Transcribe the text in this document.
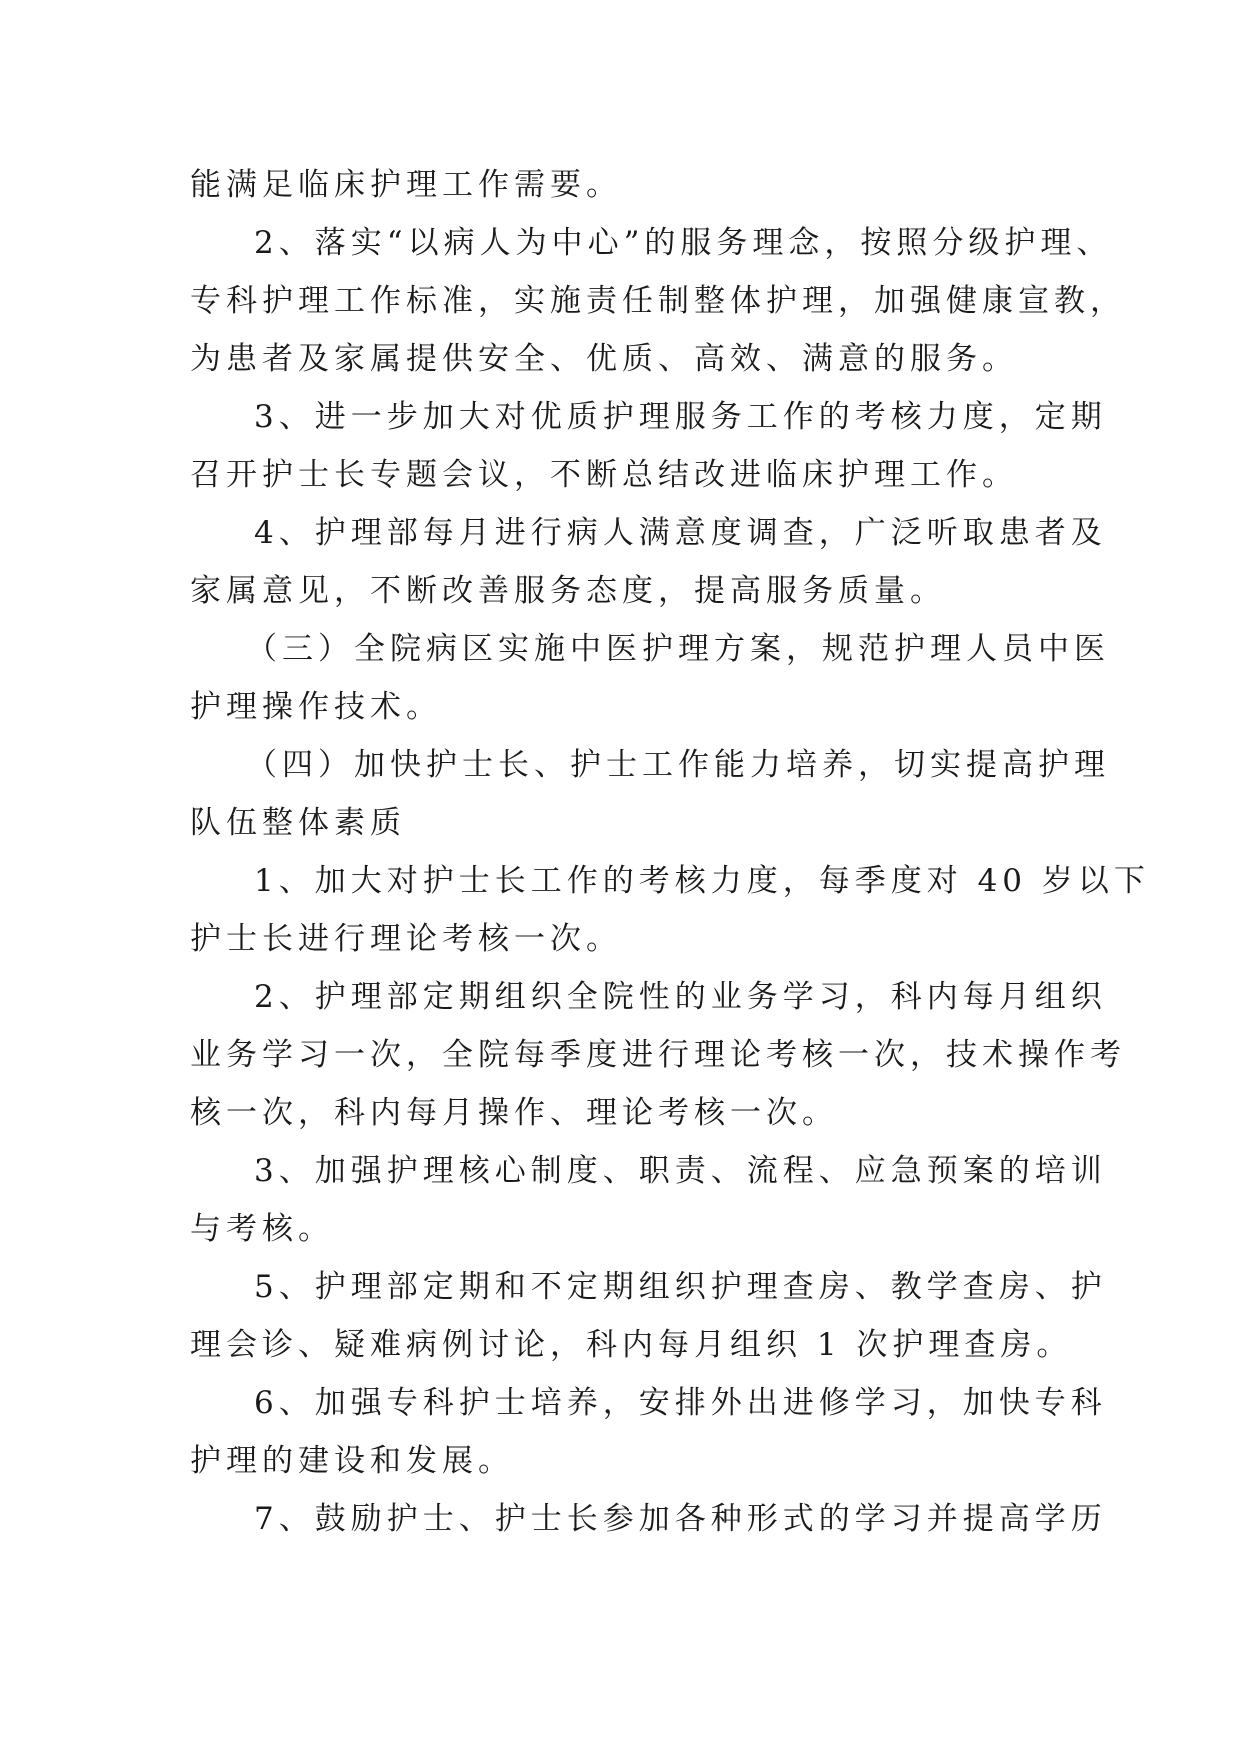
能满足临床护理工作需要。
2、落实“以病人为中心”的服务理念，按照分级护理、
专科护理工作标准，实施责任制整体护理，加强健康宣教，
为患者及家属提供安全、优质、高效、满意的服务。
3、进一步加大对优质护理服务工作的考核力度，定期
召开护士长专题会议，不断总结改进临床护理工作。
4、护理部每月进行病人满意度调查，广泛听取患者及
家属意见，不断改善服务态度，提高服务质量。
（三）全院病区实施中医护理方案，规范护理人员中医
护理操作技术。
（四）加快护士长、护士工作能力培养，切实提高护理
队伍整体素质
1、加大对护士长工作的考核力度，每季度对 40 岁以下
护士长进行理论考核一次。
2、护理部定期组织全院性的业务学习，科内每月组织
业务学习一次，全院每季度进行理论考核一次，技术操作考
核一次，科内每月操作、理论考核一次。
3、加强护理核心制度、职责、流程、应急预案的培训
与考核。
5、护理部定期和不定期组织护理查房、教学查房、护
理会诊、疑难病例讨论，科内每月组织 1 次护理查房。
6、加强专科护士培养，安排外出进修学习，加快专科
护理的建设和发展。
7、鼓励护士、护士长参加各种形式的学习并提高学历
